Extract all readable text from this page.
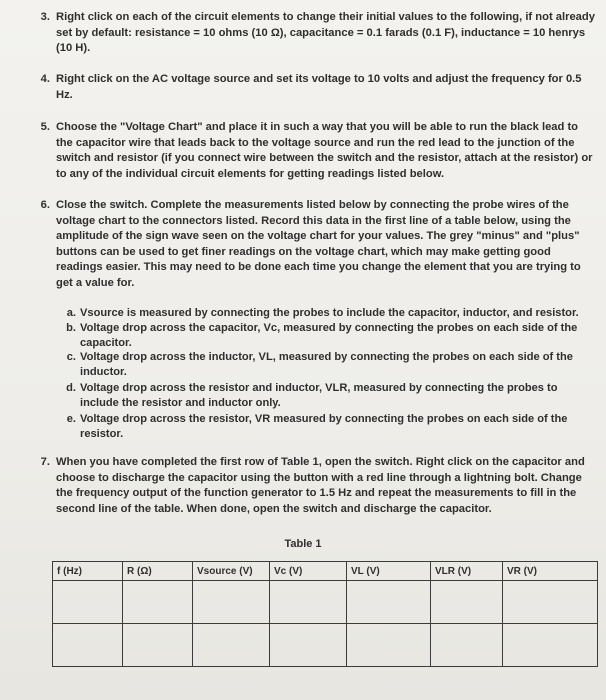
3. Right click on each of the circuit elements to change their initial values to the following, if not already
set by default: resistance = 10 ohms (10 Ω), capacitance = 0.1 farads (0.1 F), inductance = 10 henrys
(10 H).
4. Right click on the AC voltage source and set its voltage to 10 volts and adjust the frequency for 0.5
Hz.
5. Choose the "Voltage Chart" and place it in such a way that you will be able to run the black lead to
the capacitor wire that leads back to the voltage source and run the red lead to the junction of the
switch and resistor (if you connect wire between the switch and the resistor, attach at the resistor) or
to any of the individual circuit elements for getting readings listed below.
6. Close the switch. Complete the measurements listed below by connecting the probe wires of the
voltage chart to the connectors listed. Record this data in the first line of a table below, using the
amplitude of the sign wave seen on the voltage chart for your values. The grey "minus" and "plus"
buttons can be used to get finer readings on the voltage chart, which may make getting good
readings easier. This may need to be done each time you change the element that you are trying to
get a value for.
a. Vsource is measured by connecting the probes to include the capacitor, inductor, and resistor.
b. Voltage drop across the capacitor, Vc, measured by connecting the probes on each side of the
capacitor.
c. Voltage drop across the inductor, VL, measured by connecting the probes on each side of the
inductor.
d. Voltage drop across the resistor and inductor, VLR, measured by connecting the probes to
include the resistor and inductor only.
e. Voltage drop across the resistor, VR measured by connecting the probes on each side of the
resistor.
7. When you have completed the first row of Table 1, open the switch. Right click on the capacitor and
choose to discharge the capacitor using the button with a red line through a lightning bolt. Change
the frequency output of the function generator to 1.5 Hz and repeat the measurements to fill in the
second line of the table. When done, open the switch and discharge the capacitor.
Table 1
f (Hz)	R (Ω)	Vsource (V)	Vc (V)	VL (V)	VLR (V)	VR (V)
